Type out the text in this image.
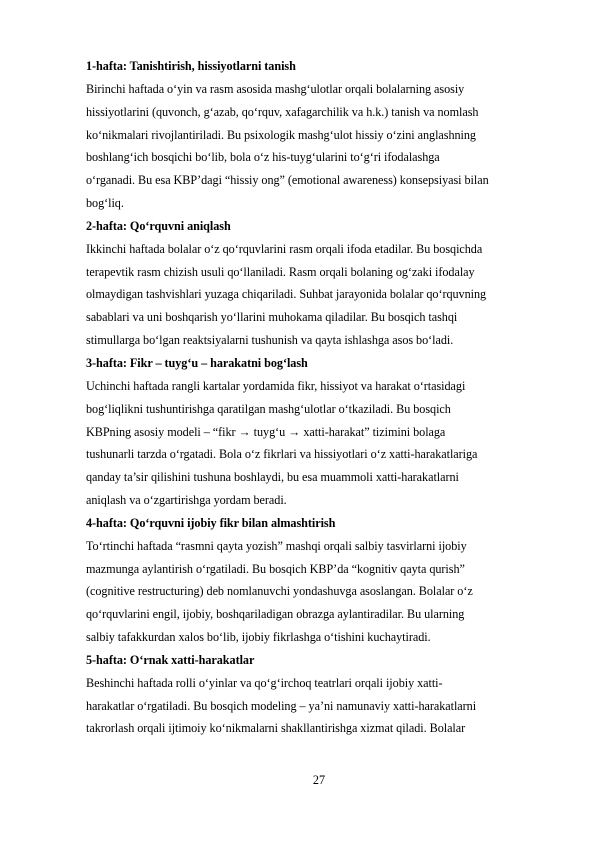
1-hafta: Tanishtirish, hissiyotlarni tanish
Birinchi haftada o‘yin va rasm asosida mashg‘ulotlar orqali bolalarning asosiy
hissiyotlarini (quvonch, g‘azab, qo‘rquv, xafagarchilik va h.k.) tanish va nomlash
ko‘nikmalari rivojlantiriladi. Bu psixologik mashg‘ulot hissiy o‘zini anglashning
boshlang‘ich bosqichi bo‘lib, bola o‘z his-tuyg‘ularini to‘g‘ri ifodalashga
o‘rganadi. Bu esa KBP’dagi “hissiy ong” (emotional awareness) konsepsiyasi bilan
bog‘liq.
2-hafta: Qo‘rquvni aniqlash
Ikkinchi haftada bolalar o‘z qo‘rquvlarini rasm orqali ifoda etadilar. Bu bosqichda
terapevtik rasm chizish usuli qo‘llaniladi. Rasm orqali bolaning og‘zaki ifodalay
olmaydigan tashvishlari yuzaga chiqariladi. Suhbat jarayonida bolalar qo‘rquvning
sabablari va uni boshqarish yo‘llarini muhokama qiladilar. Bu bosqich tashqi
stimullarga bo‘lgan reaktsiyalarni tushunish va qayta ishlashga asos bo‘ladi.
3-hafta: Fikr – tuyg‘u – harakatni bog‘lash
Uchinchi haftada rangli kartalar yordamida fikr, hissiyot va harakat o‘rtasidagi
bog‘liqlikni tushuntirishga qaratilgan mashg‘ulotlar o‘tkaziladi. Bu bosqich
KBPning asosiy modeli – “fikr → tuyg‘u → xatti-harakat” tizimini bolaga
tushunarli tarzda o‘rgatadi. Bola o‘z fikrlari va hissiyotlari o‘z xatti-harakatlariga
qanday ta’sir qilishini tushuna boshlaydi, bu esa muammoli xatti-harakatlarni
aniqlash va o‘zgartirishga yordam beradi.
4-hafta: Qo‘rquvni ijobiy fikr bilan almashtirish
To‘rtinchi haftada “rasmni qayta yozish” mashqi orqali salbiy tasvirlarni ijobiy
mazmunga aylantirish o‘rgatiladi. Bu bosqich KBP’da “kognitiv qayta qurish”
(cognitive restructuring) deb nomlanuvchi yondashuvga asoslangan. Bolalar o‘z
qo‘rquvlarini engil, ijobiy, boshqariladigan obrazga aylantiradilar. Bu ularning
salbiy tafakkurdan xalos bo‘lib, ijobiy fikrlashga o‘tishini kuchaytiradi.
5-hafta: O‘rnak xatti-harakatlar
Beshinchi haftada rolli o‘yinlar va qo‘g‘irchoq teatrlari orqali ijobiy xatti-
harakatlar o‘rgatiladi. Bu bosqich modeling – ya’ni namunaviy xatti-harakatlarni
takrorlash orqali ijtimoiy ko‘nikmalarni shakllantirishga xizmat qiladi. Bolalar
27
